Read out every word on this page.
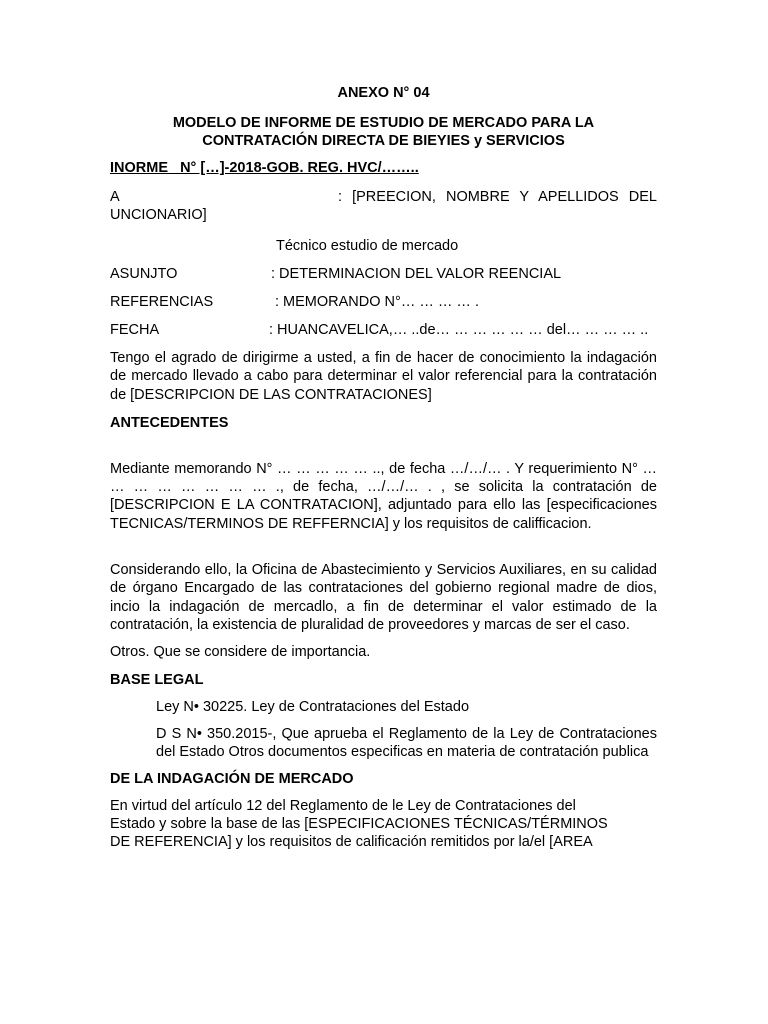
ANEXO N° 04

MODELO DE INFORME DE ESTUDIO DE MERCADO PARA LA
CONTRATACIÓN DIRECTA DE BIEYIES y SERVICIOS

INORME   N° […]-2018-GOB. REG. HVC/……..

A	: [PREECION, NOMBRE Y APELLIDOS DEL

UNCIONARIO]

Técnico estudio de mercado

ASUNJTO	: DETERMINACION DEL VALOR REENCIAL

REFERENCIAS	: MEMORANDO N°… … … … .

FECHA	: HUANCAVELICA,… ..de… … … … … … del… … … … ..

Tengo el agrado de dirigirme a usted, a fin de hacer de conocimiento la indagación de mercado llevado a cabo para determinar el valor referencial para la contratación de [DESCRIPCION DE LAS CONTRATACIONES]

ANTECEDENTES

Mediante memorando N° … … … … … .., de fecha …/…/… . Y requerimiento N° … … … … … … … … ., de fecha, …/…/… . , se solicita la contratación de [DESCRIPCION E LA CONTRATACION], adjuntado para ello las [especificaciones TECNICAS/TERMINOS DE REFFERNCIA] y los requisitos de califficacion.

Considerando ello, la Oficina de Abastecimiento y Servicios Auxiliares, en su calidad de órgano Encargado de las contrataciones del gobierno regional madre de dios, incio la indagación de mercadlo, a fin de determinar el valor estimado de la contratación, la existencia de pluralidad de proveedores y marcas de ser el caso.

Otros. Que se considere de importancia.

BASE LEGAL

Ley N• 30225. Ley de Contrataciones del Estado

D S N• 350.2015-, Que aprueba el Reglamento de la Ley de Contrataciones del Estado Otros documentos especificas en materia de contratación publica

DE LA INDAGACIÓN DE MERCADO

En virtud del artículo 12 del Reglamento de le Ley de Contrataciones del

Estado y sobre la base de las [ESPECIFICACIONES TÉCNICAS/TÉRMINOS

DE REFERENCIA] y los requisitos de calificación remitidos por la/el [AREA
